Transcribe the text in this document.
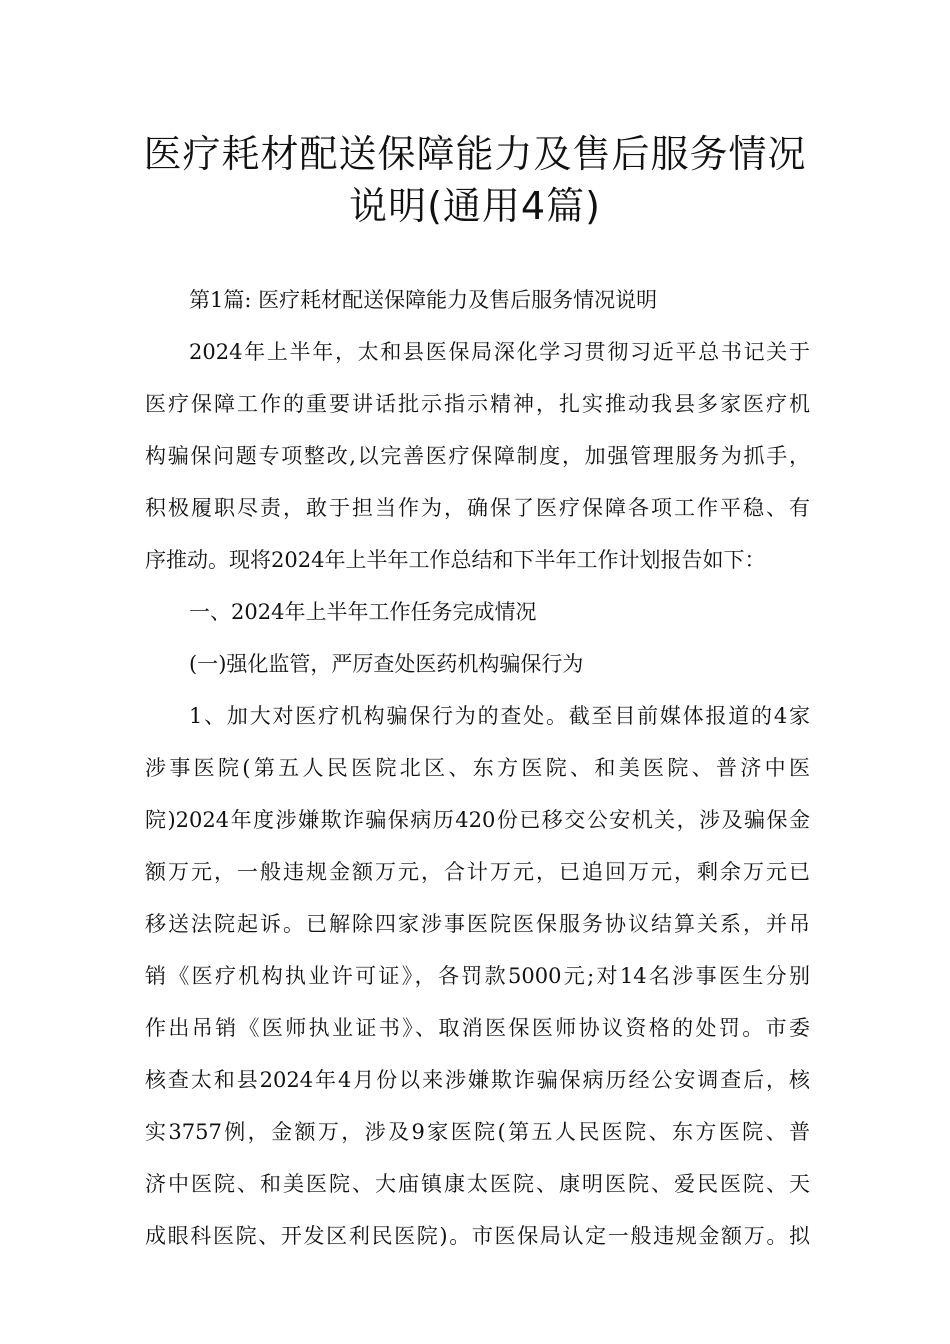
医疗耗材配送保障能力及售后服务情况
说明(通用4篇)
第1篇: 医疗耗材配送保障能力及售后服务情况说明
2024年上半年，太和县医保局深化学习贯彻习近平总书记关于
医疗保障工作的重要讲话批示指示精神，扎实推动我县多家医疗机
构骗保问题专项整改,以完善医疗保障制度，加强管理服务为抓手，
积极履职尽责，敢于担当作为，确保了医疗保障各项工作平稳、有
序推动。现将2024年上半年工作总结和下半年工作计划报告如下：
一、2024年上半年工作任务完成情况
(一)强化监管，严厉查处医药机构骗保行为
1、加大对医疗机构骗保行为的查处。截至目前媒体报道的4家
涉事医院(第五人民医院北区、东方医院、和美医院、普济中医
院)2024年度涉嫌欺诈骗保病历420份已移交公安机关，涉及骗保金
额万元，一般违规金额万元，合计万元，已追回万元，剩余万元已
移送法院起诉。已解除四家涉事医院医保服务协议结算关系，并吊
销《医疗机构执业许可证》，各罚款5000元;对14名涉事医生分别
作出吊销《医师执业证书》、取消医保医师协议资格的处罚。市委
核查太和县2024年4月份以来涉嫌欺诈骗保病历经公安调查后，核
实3757例，金额万，涉及9家医院(第五人民医院、东方医院、普
济中医院、和美医院、大庙镇康太医院、康明医院、爱民医院、天
成眼科医院、开发区利民医院)。市医保局认定一般违规金额万。拟
